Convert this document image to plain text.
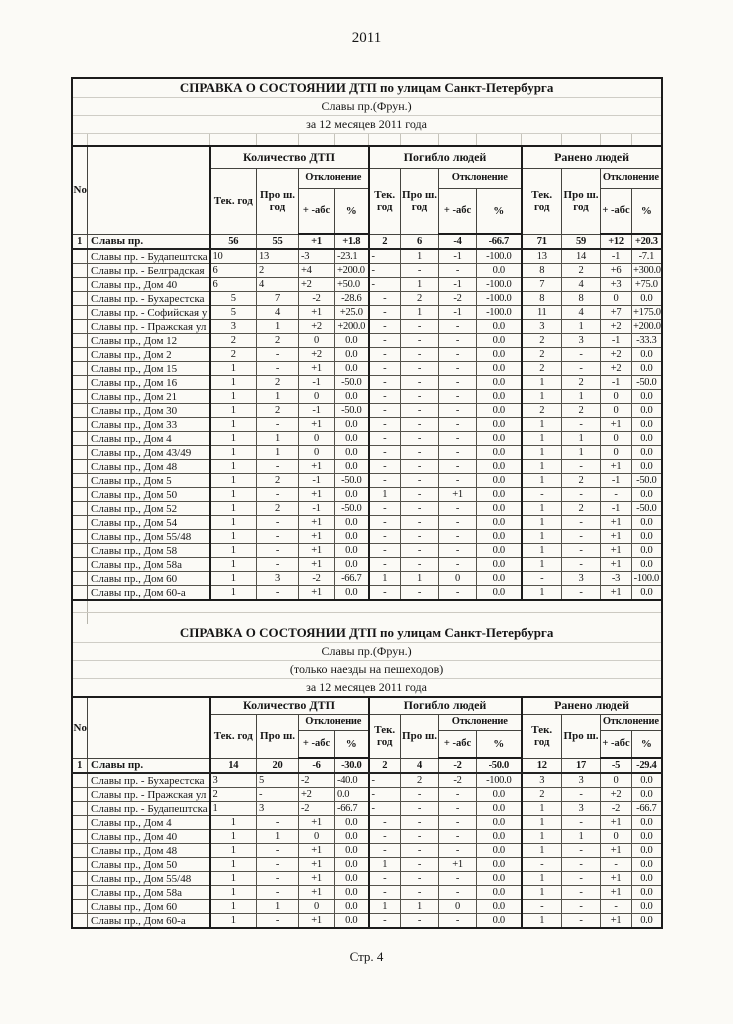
2011
СПРАВКА О СОСТОЯНИИ ДТП по улицам Санкт-Петербурга													
Славы пр.(Фрун.)													
за 12 месяцев 2011 года													

No		Количество ДТП				Погибло людей				Ранено людей			
		Тек. год	Про ш. год	Отклонение		Тек. год	Про ш. год	Отклонение		Тек. год	Про ш. год	Отклонение	
				+ -абс	%			+ -абс	%			+ -абс	%
1	Славы пр.	56	55	+1	+1.8	2	6	-4	-66.7	71	59	+12	+20.3
	Славы пр. - Будапештска	10	13	-3	-23.1	-	1	-1	-100.0	13	14	-1	-7.1
	Славы пр. - Белградская	6	2	+4	+200.0	-	-	-	0.0	8	2	+6	+300.0
	Славы пр., Дом 40	6	4	+2	+50.0	-	1	-1	-100.0	7	4	+3	+75.0
	Славы пр. - Бухарестска	5	7	-2	-28.6	-	2	-2	-100.0	8	8	0	0.0
	Славы пр. - Софийская у	5	4	+1	+25.0	-	1	-1	-100.0	11	4	+7	+175.0
	Славы пр. - Пражская ул	3	1	+2	+200.0	-	-	-	0.0	3	1	+2	+200.0
	Славы пр., Дом 12	2	2	0	0.0	-	-	-	0.0	2	3	-1	-33.3
	Славы пр., Дом 2	2	-	+2	0.0	-	-	-	0.0	2	-	+2	0.0
	Славы пр., Дом 15	1	-	+1	0.0	-	-	-	0.0	2	-	+2	0.0
	Славы пр., Дом 16	1	2	-1	-50.0	-	-	-	0.0	1	2	-1	-50.0
	Славы пр., Дом 21	1	1	0	0.0	-	-	-	0.0	1	1	0	0.0
	Славы пр., Дом 30	1	2	-1	-50.0	-	-	-	0.0	2	2	0	0.0
	Славы пр., Дом 33	1	-	+1	0.0	-	-	-	0.0	1	-	+1	0.0
	Славы пр., Дом 4	1	1	0	0.0	-	-	-	0.0	1	1	0	0.0
	Славы пр., Дом 43/49	1	1	0	0.0	-	-	-	0.0	1	1	0	0.0
	Славы пр., Дом 48	1	-	+1	0.0	-	-	-	0.0	1	-	+1	0.0
	Славы пр., Дом 5	1	2	-1	-50.0	-	-	-	0.0	1	2	-1	-50.0
	Славы пр., Дом 50	1	-	+1	0.0	1	-	+1	0.0	-	-	-	0.0
	Славы пр., Дом 52	1	2	-1	-50.0	-	-	-	0.0	1	2	-1	-50.0
	Славы пр., Дом 54	1	-	+1	0.0	-	-	-	0.0	1	-	+1	0.0
	Славы пр., Дом 55/48	1	-	+1	0.0	-	-	-	0.0	1	-	+1	0.0
	Славы пр., Дом 58	1	-	+1	0.0	-	-	-	0.0	1	-	+1	0.0
	Славы пр., Дом 58а	1	-	+1	0.0	-	-	-	0.0	1	-	+1	0.0
	Славы пр., Дом 60	1	3	-2	-66.7	1	1	0	0.0	-	3	-3	-100.0
	Славы пр., Дом 60-а	1	-	+1	0.0	-	-	-	0.0	1	-	+1	0.0

СПРАВКА О СОСТОЯНИИ ДТП по улицам Санкт-Петербурга													
Славы пр.(Фрун.)													
(только наезды на пешеходов)													
за 12 месяцев 2011 года													
No		Количество ДТП				Погибло людей				Ранено людей			
		Тек. год	Про ш.	Отклонение		Тек. год	Про ш.	Отклонение		Тек. год	Про ш.	Отклонение	
				+ -абс	%			+ -абс	%			+ -абс	%
1	Славы пр.	14	20	-6	-30.0	2	4	-2	-50.0	12	17	-5	-29.4
	Славы пр. - Бухарестска	3	5	-2	-40.0	-	2	-2	-100.0	3	3	0	0.0
	Славы пр. - Пражская ул	2	-	+2	0.0	-	-	-	0.0	2	-	+2	0.0
	Славы пр. - Будапештска	1	3	-2	-66.7	-	-	-	0.0	1	3	-2	-66.7
	Славы пр., Дом 4	1	-	+1	0.0	-	-	-	0.0	1	-	+1	0.0
	Славы пр., Дом 40	1	1	0	0.0	-	-	-	0.0	1	1	0	0.0
	Славы пр., Дом 48	1	-	+1	0.0	-	-	-	0.0	1	-	+1	0.0
	Славы пр., Дом 50	1	-	+1	0.0	1	-	+1	0.0	-	-	-	0.0
	Славы пр., Дом 55/48	1	-	+1	0.0	-	-	-	0.0	1	-	+1	0.0
	Славы пр., Дом 58а	1	-	+1	0.0	-	-	-	0.0	1	-	+1	0.0
	Славы пр., Дом 60	1	1	0	0.0	1	1	0	0.0	-	-	-	0.0
	Славы пр., Дом 60-а	1	-	+1	0.0	-	-	-	0.0	1	-	+1	0.0
Стр. 4
